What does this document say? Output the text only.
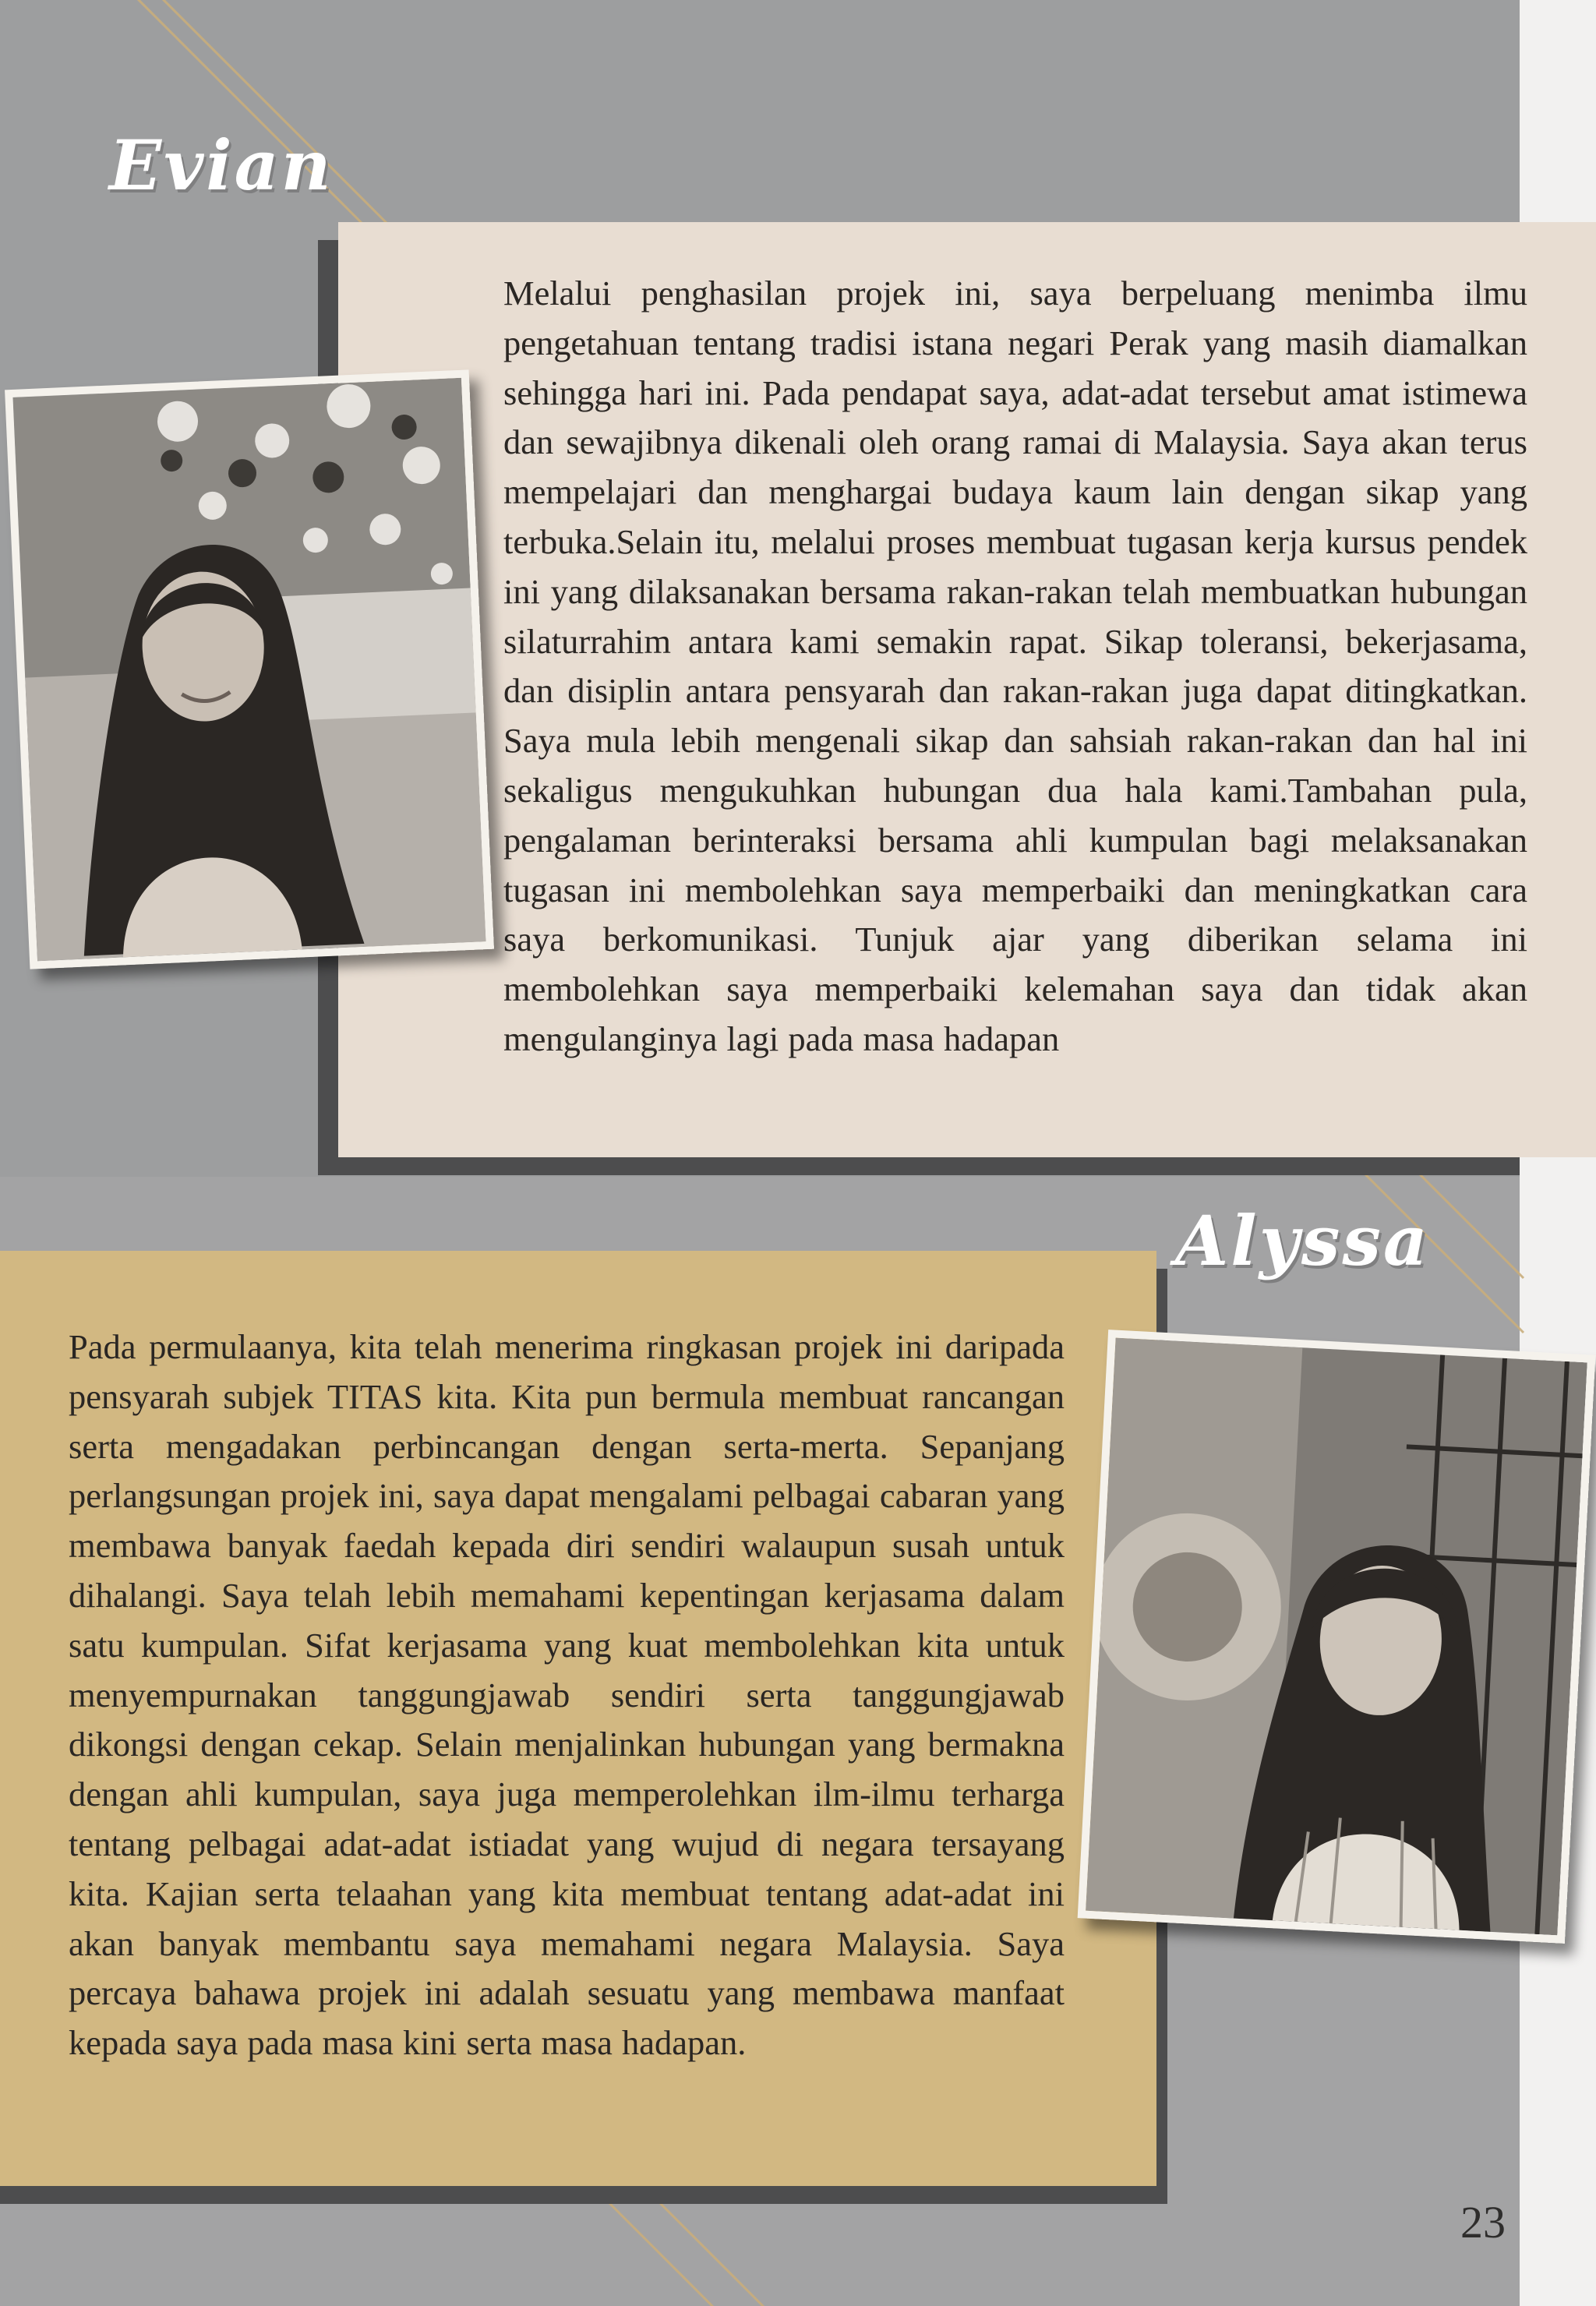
Evian

Melalui penghasilan projek ini, saya berpeluang menimba ilmu pengetahuan tentang tradisi istana negari Perak yang masih diamalkan sehingga hari ini. Pada pendapat saya, adat-adat tersebut amat istimewa dan sewajibnya dikenali oleh orang ramai di Malaysia. Saya akan terus mempelajari dan menghargai budaya kaum lain dengan sikap yang terbuka.Selain itu, melalui proses membuat tugasan kerja kursus pendek ini yang dilaksanakan bersama rakan-rakan telah membuatkan hubungan silaturrahim antara kami semakin rapat. Sikap toleransi, bekerjasama, dan disiplin antara pensyarah dan rakan-rakan juga dapat ditingkatkan. Saya mula lebih mengenali sikap dan sahsiah rakan-rakan dan hal ini sekaligus mengukuhkan hubungan dua hala kami.Tambahan pula, pengalaman berinteraksi bersama ahli kumpulan bagi melaksanakan tugasan ini membolehkan saya memperbaiki dan meningkatkan cara saya berkomunikasi. Tunjuk ajar yang diberikan selama ini membolehkan saya memperbaiki kelemahan saya dan tidak akan mengulanginya lagi pada masa hadapan

Alyssa

Pada permulaanya, kita telah menerima ringkasan projek ini daripada pensyarah subjek TITAS kita. Kita pun bermula membuat rancangan serta mengadakan perbincangan dengan serta-merta. Sepanjang perlangsungan projek ini, saya dapat mengalami pelbagai cabaran yang membawa banyak faedah kepada diri sendiri walaupun susah untuk dihalangi. Saya telah lebih memahami kepentingan kerjasama dalam satu kumpulan. Sifat kerjasama yang kuat membolehkan kita untuk menyempurnakan tanggungjawab sendiri serta tanggungjawab dikongsi dengan cekap. Selain menjalinkan hubungan yang bermakna dengan ahli kumpulan, saya juga memperolehkan ilm-ilmu terharga tentang pelbagai adat-adat istiadat yang wujud di negara tersayang kita. Kajian serta telaahan yang kita membuat tentang adat-adat ini akan banyak membantu saya memahami negara Malaysia. Saya percaya bahawa projek ini adalah sesuatu yang membawa manfaat kepada saya pada masa kini serta masa hadapan.

23
